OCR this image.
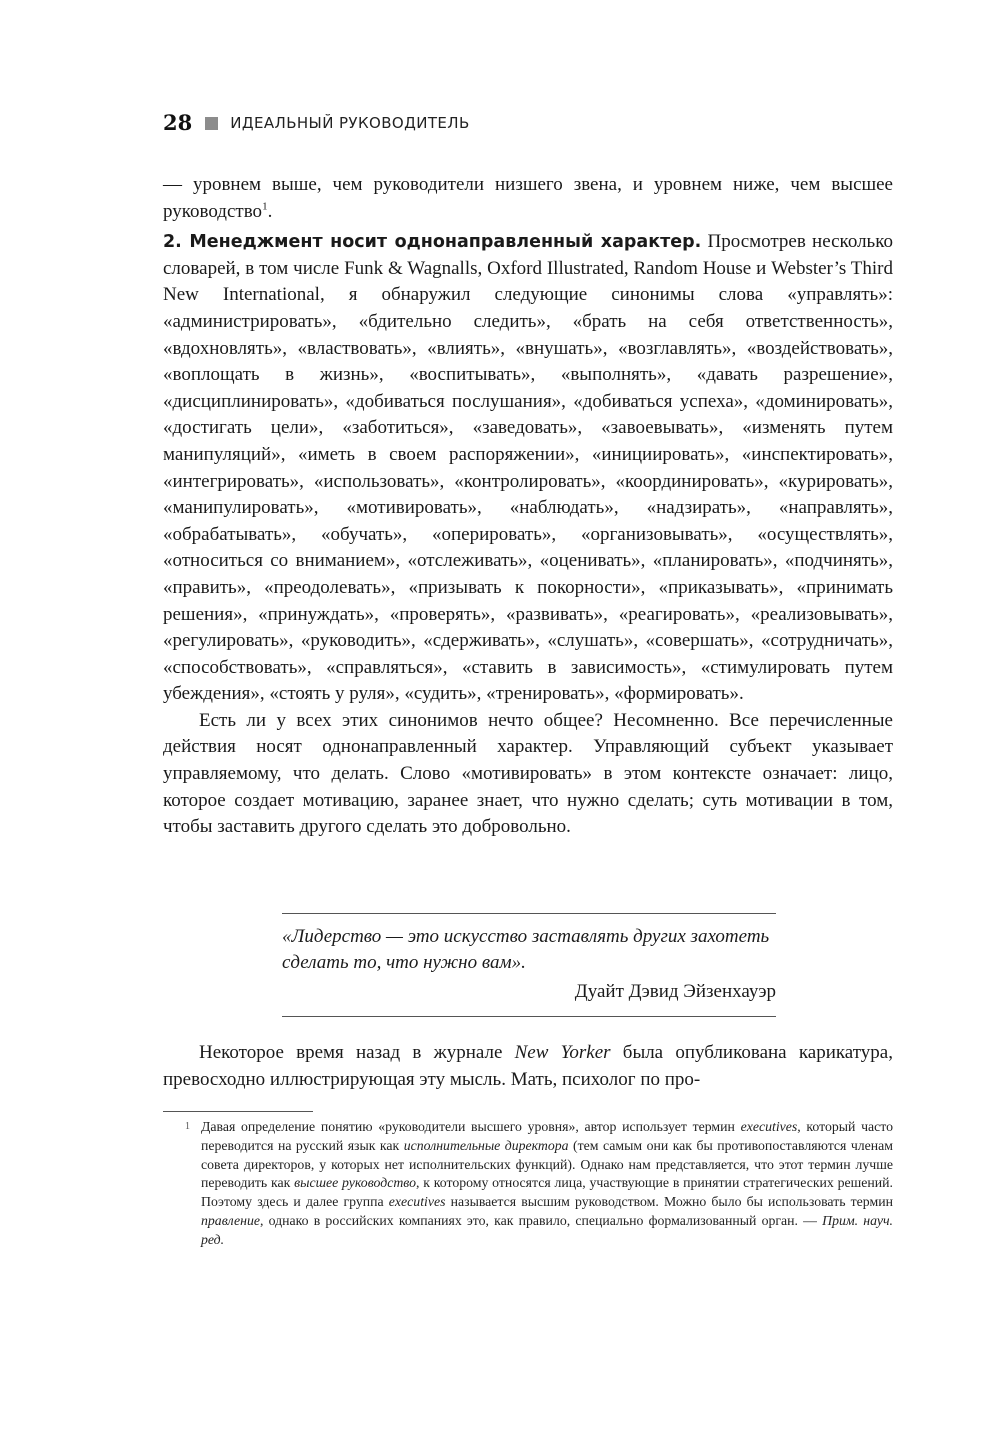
28	ИДЕАЛЬНЫЙ РУКОВОДИТЕЛЬ

— уровнем выше, чем руководители низшего звена, и уровнем ниже, чем высшее руководство$^1$.

2. Менеджмент носит однонаправленный характер. Просмотрев несколько словарей, в том числе Funk & Wagnalls, Oxford Illustrated, Random House и Webster’s Third New International, я обнаружил следующие синонимы слова «управлять»: «администрировать», «бдительно следить», «брать на себя ответственность», «вдохновлять», «властвовать», «влиять», «внушать», «возглавлять», «воздействовать», «воплощать в жизнь», «воспитывать», «выполнять», «давать разрешение», «дисциплинировать», «добиваться послушания», «добиваться успеха», «доминировать», «достигать цели», «заботиться», «заведовать», «завоевывать», «изменять путем манипуляций», «иметь в своем распоряжении», «инициировать», «инспектировать», «интегрировать», «использовать», «контролировать», «координировать», «курировать», «манипулировать», «мотивировать», «наблюдать», «надзирать», «направлять», «обрабатывать», «обучать», «оперировать», «организовывать», «осуществлять», «относиться со вниманием», «отслеживать», «оценивать», «планировать», «подчинять», «править», «преодолевать», «призывать к покорности», «приказывать», «принимать решения», «принуждать», «проверять», «развивать», «реагировать», «реализовывать», «регулировать», «руководить», «сдерживать», «слушать», «совершать», «сотрудничать», «способствовать», «справляться», «ставить в зависимость», «стимулировать путем убеждения», «стоять у руля», «судить», «тренировать», «формировать».

Есть ли у всех этих синонимов нечто общее? Несомненно. Все перечисленные действия носят однонаправленный характер. Управляющий субъект указывает управляемому, что делать. Слово «мотивировать» в этом контексте означает: лицо, которое создает мотивацию, заранее знает, что нужно сделать; суть мотивации в том, чтобы заставить другого сделать это добровольно.

«Лидерство — это искусство заставлять других захотеть сделать то, что нужно вам».

Дуайт Дэвид Эйзенхауэр

Некоторое время назад в журнале New Yorker была опубликована карикатура, превосходно иллюстрирующая эту мысль. Мать, психолог по про-

1 Давая определение понятию «руководители высшего уровня», автор использует термин executives, который часто переводится на русский язык как исполнительные директора (тем самым они как бы противопоставляются членам совета директоров, у которых нет исполнительских функций). Однако нам представляется, что этот термин лучше переводить как высшее руководство, к которому относятся лица, участвующие в принятии стратегических решений. Поэтому здесь и далее группа executives называется высшим руководством. Можно было бы использовать термин правление, однако в российских компаниях это, как правило, специально формализованный орган. — Прим. науч. ред.
